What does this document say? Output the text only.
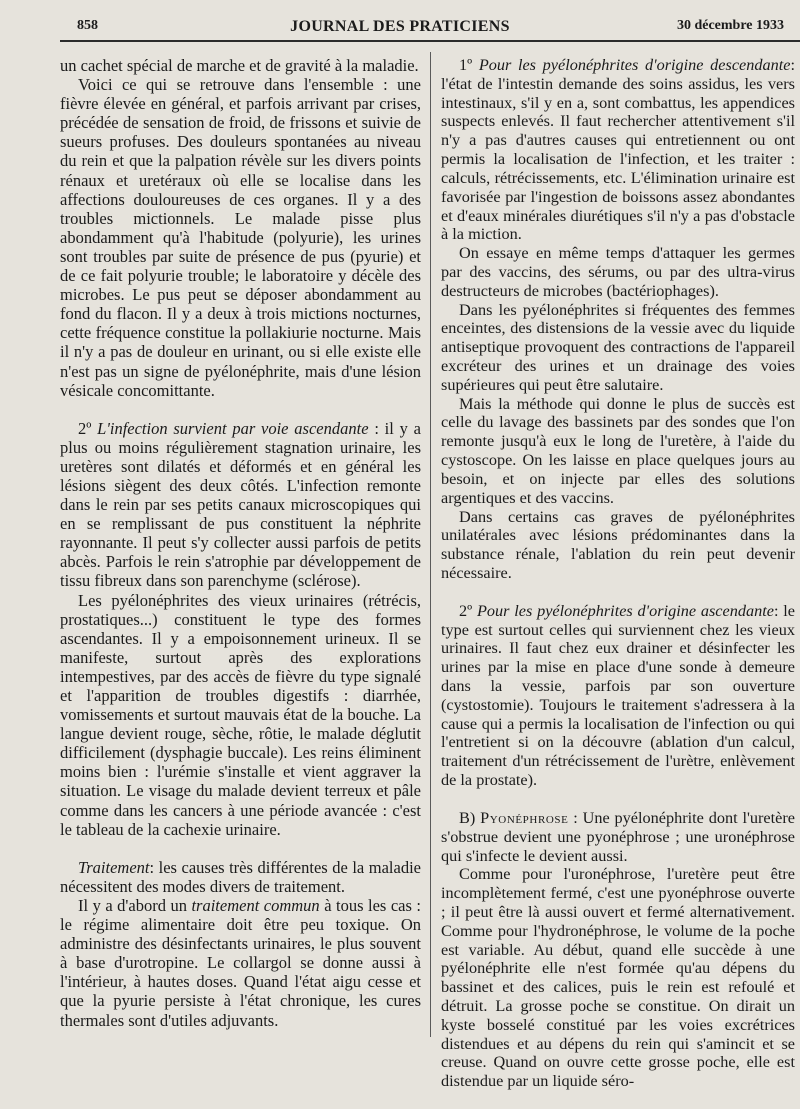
858	JOURNAL DES PRATICIENS	30 décembre 1933

un cachet spécial de marche et de gravité à la maladie.

Voici ce qui se retrouve dans l'ensemble : une fièvre élevée en général, et parfois arrivant par crises, précédée de sensation de froid, de frissons et suivie de sueurs profuses. Des douleurs spontanées au niveau du rein et que la palpation révèle sur les divers points rénaux et uretéraux où elle se localise dans les affections douloureuses de ces organes. Il y a des troubles mictionnels. Le malade pisse plus abondamment qu'à l'habitude (polyurie), les urines sont troubles par suite de présence de pus (pyurie) et de ce fait polyurie trouble; le laboratoire y décèle des microbes. Le pus peut se déposer abondamment au fond du flacon. Il y a deux à trois mictions nocturnes, cette fréquence constitue la pollakiurie nocturne. Mais il n'y a pas de douleur en urinant, ou si elle existe elle n'est pas un signe de pyélonéphrite, mais d'une lésion vésicale concomittante.

2º L'infection survient par voie ascendante : il y a plus ou moins régulièrement stagnation urinaire, les uretères sont dilatés et déformés et en général les lésions siègent des deux côtés. L'infection remonte dans le rein par ses petits canaux microscopiques qui en se remplissant de pus constituent la néphrite rayonnante. Il peut s'y collecter aussi parfois de petits abcès. Parfois le rein s'atrophie par développement de tissu fibreux dans son parenchyme (sclérose).

Les pyélonéphrites des vieux urinaires (rétrécis, prostatiques...) constituent le type des formes ascendantes. Il y a empoisonnement urineux. Il se manifeste, surtout après des explorations intempestives, par des accès de fièvre du type signalé et l'apparition de troubles digestifs : diarrhée, vomissements et surtout mauvais état de la bouche. La langue devient rouge, sèche, rôtie, le malade déglutit difficilement (dysphagie buccale). Les reins éliminent moins bien : l'urémie s'installe et vient aggraver la situation. Le visage du malade devient terreux et pâle comme dans les cancers à une période avancée : c'est le tableau de la cachexie urinaire.

Traitement: les causes très différentes de la maladie nécessitent des modes divers de traitement.

Il y a d'abord un traitement commun à tous les cas : le régime alimentaire doit être peu toxique. On administre des désinfectants urinaires, le plus souvent à base d'urotropine. Le collargol se donne aussi à l'intérieur, à hautes doses. Quand l'état aigu cesse et que la pyurie persiste à l'état chronique, les cures thermales sont d'utiles adjuvants.

1º Pour les pyélonéphrites d'origine descendante: l'état de l'intestin demande des soins assidus, les vers intestinaux, s'il y en a, sont combattus, les appendices suspects enlevés. Il faut rechercher attentivement s'il n'y a pas d'autres causes qui entretiennent ou ont permis la localisation de l'infection, et les traiter : calculs, rétrécissements, etc. L'élimination urinaire est favorisée par l'ingestion de boissons assez abondantes et d'eaux minérales diurétiques s'il n'y a pas d'obstacle à la miction.

On essaye en même temps d'attaquer les germes par des vaccins, des sérums, ou par des ultra-virus destructeurs de microbes (bactériophages).

Dans les pyélonéphrites si fréquentes des femmes enceintes, des distensions de la vessie avec du liquide antiseptique provoquent des contractions de l'appareil excréteur des urines et un drainage des voies supérieures qui peut être salutaire.

Mais la méthode qui donne le plus de succès est celle du lavage des bassinets par des sondes que l'on remonte jusqu'à eux le long de l'uretère, à l'aide du cystoscope. On les laisse en place quelques jours au besoin, et on injecte par elles des solutions argentiques et des vaccins.

Dans certains cas graves de pyélonéphrites unilatérales avec lésions prédominantes dans la substance rénale, l'ablation du rein peut devenir nécessaire.

2º Pour les pyélonéphrites d'origine ascendante: le type est surtout celles qui surviennent chez les vieux urinaires. Il faut chez eux drainer et désinfecter les urines par la mise en place d'une sonde à demeure dans la vessie, parfois par son ouverture (cystostomie). Toujours le traitement s'adressera à la cause qui a permis la localisation de l'infection ou qui l'entretient si on la découvre (ablation d'un calcul, traitement d'un rétrécissement de l'urètre, enlèvement de la prostate).

B) Pyonéphrose : Une pyélonéphrite dont l'uretère s'obstrue devient une pyonéphrose ; une uronéphrose qui s'infecte le devient aussi.

Comme pour l'uronéphrose, l'uretère peut être incomplètement fermé, c'est une pyonéphrose ouverte ; il peut être là aussi ouvert et fermé alternativement. Comme pour l'hydronéphrose, le volume de la poche est variable. Au début, quand elle succède à une pyélonéphrite elle n'est formée qu'au dépens du bassinet et des calices, puis le rein est refoulé et détruit. La grosse poche se constitue. On dirait un kyste bosselé constitué par les voies excrétrices distendues et au dépens du rein qui s'amincit et se creuse. Quand on ouvre cette grosse poche, elle est distendue par un liquide séro-
